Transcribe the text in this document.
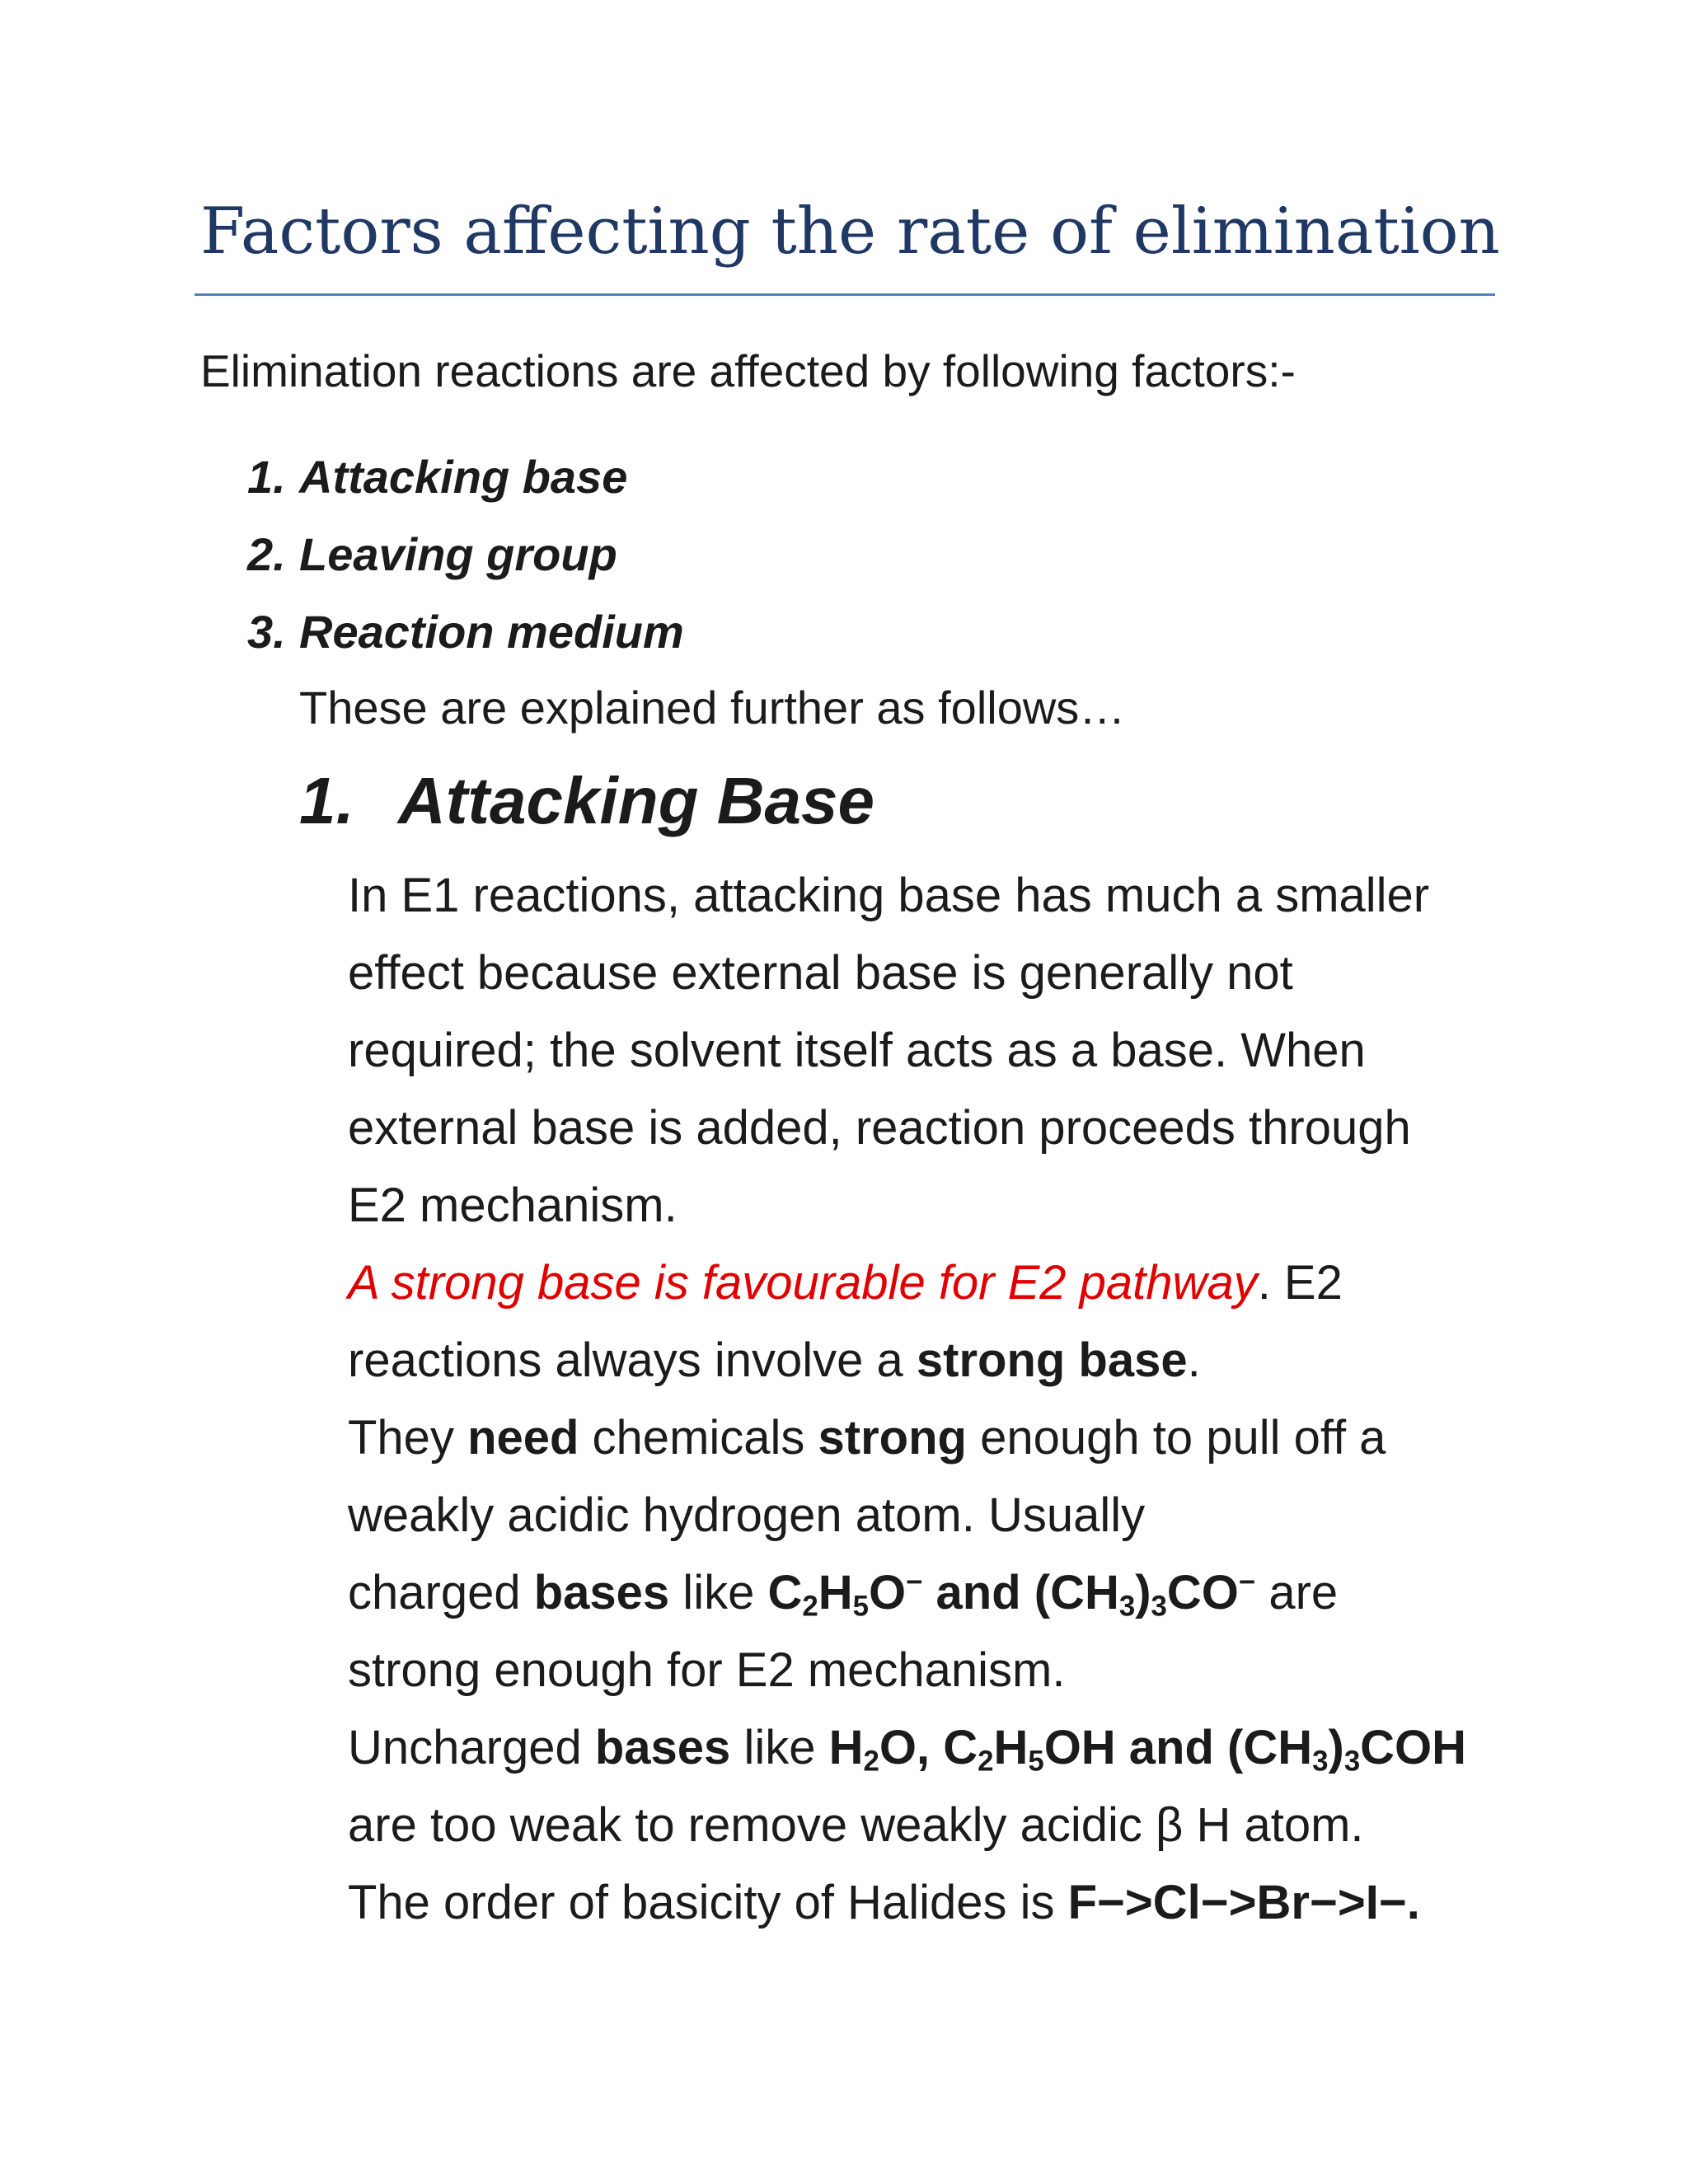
Factors affecting the rate of elimination

Elimination reactions are affected by following factors:-

1. Attacking base
2. Leaving group
3. Reaction medium

These are explained further as follows…

1. Attacking Base
In E1 reactions, attacking base has much a smaller
effect because external base is generally not
required; the solvent itself acts as a base. When
external base is added, reaction proceeds through
E2 mechanism.
A strong base is favourable for E2 pathway. E2
reactions always involve a strong base.
They need chemicals strong enough to pull off a
weakly acidic hydrogen atom. Usually
charged bases like $C_2H_5O^-$ and $(CH_3)_3CO^-$ are
strong enough for E2 mechanism.
Uncharged bases like $H_2O$, $C_2H_5OH$ and $(CH_3)_3COH$
are too weak to remove weakly acidic β H atom.
The order of basicity of Halides is F−>Cl−>Br−>I−.
